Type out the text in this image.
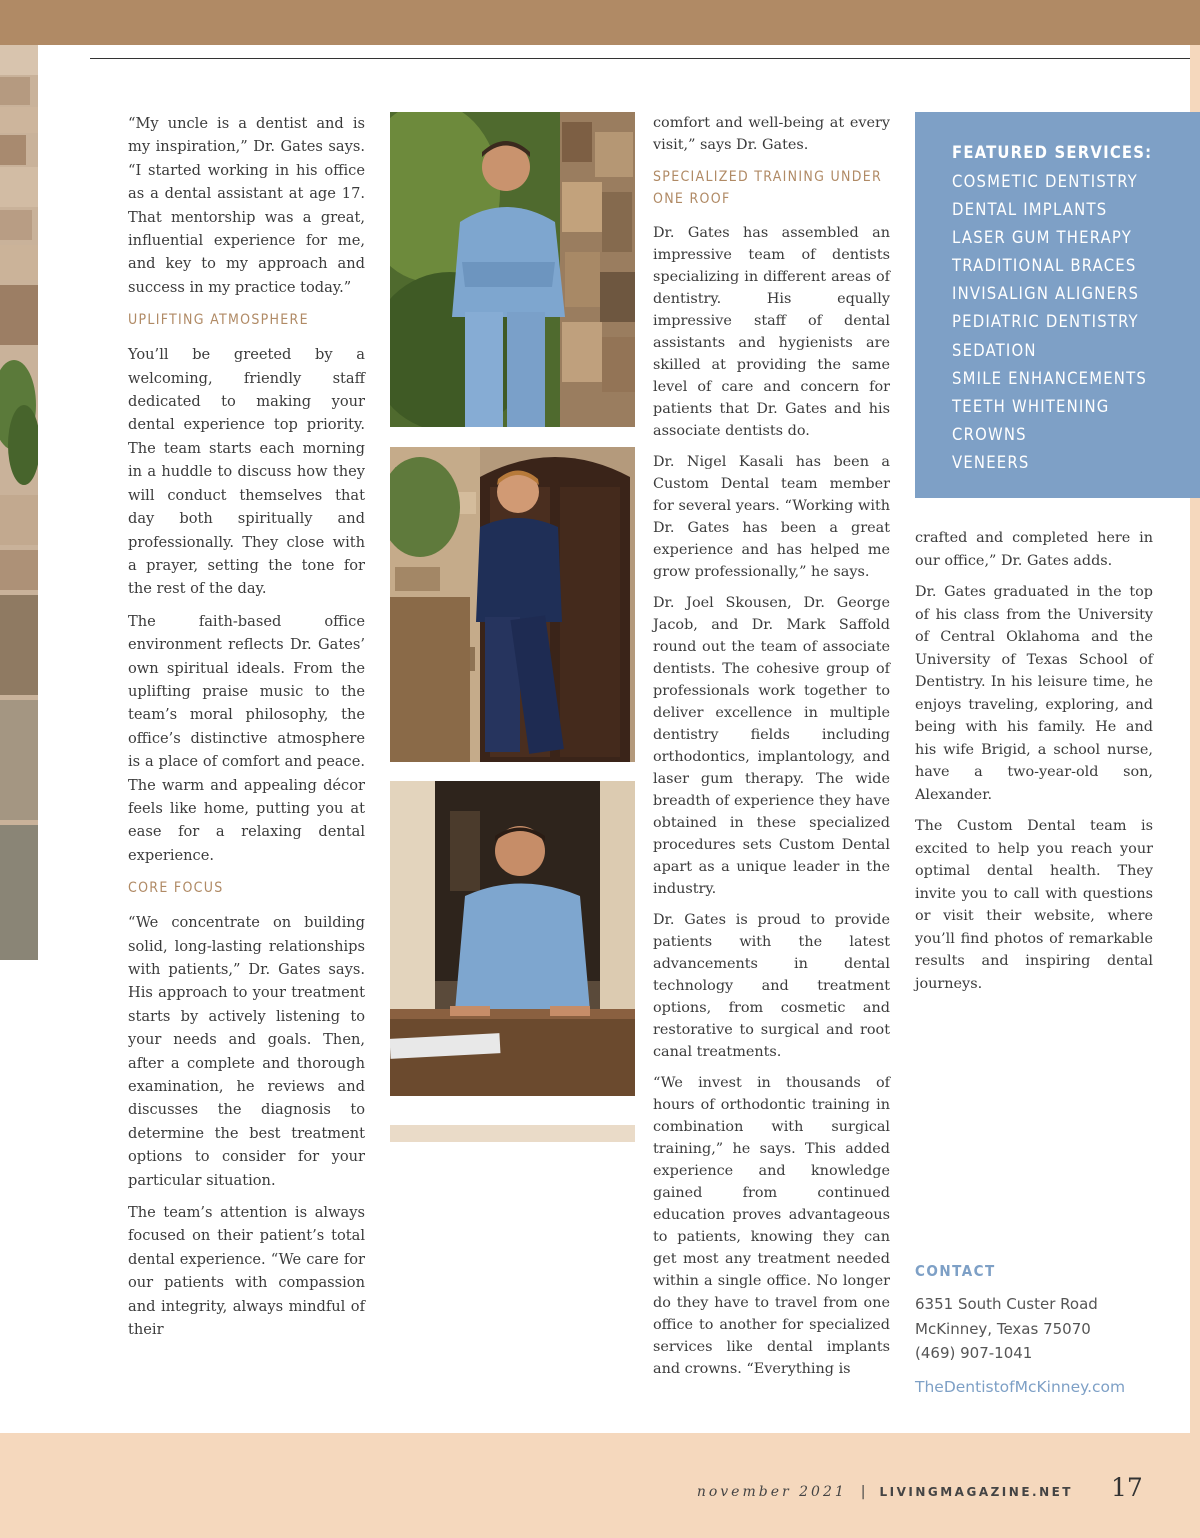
“My uncle is a dentist and is my inspiration,” Dr. Gates says. “I started working in his office as a dental assistant at age 17. That mentorship was a great, influential experience for me, and key to my approach and success in my practice today.”

UPLIFTING ATMOSPHERE

You’ll be greeted by a welcoming, friendly staff dedicated to making your dental experience top priority. The team starts each morning in a huddle to discuss how they will conduct themselves that day both spiritually and professionally. They close with a prayer, setting the tone for the rest of the day.

The faith-based office environment reflects Dr. Gates’ own spiritual ideals. From the uplifting praise music to the team’s moral philosophy, the office’s distinctive atmosphere is a place of comfort and peace. The warm and appealing décor feels like home, putting you at ease for a relaxing dental experience.

CORE FOCUS

“We concentrate on building solid, long-lasting relationships with patients,” Dr. Gates says. His approach to your treatment starts by actively listening to your needs and goals. Then, after a complete and thorough examination, he reviews and discusses the diagnosis to determine the best treatment options to consider for your particular situation.

The team’s attention is always focused on their patient’s total dental experience. “We care for our patients with compassion and integrity, always mindful of their

comfort and well-being at every visit,” says Dr. Gates.

SPECIALIZED TRAINING UNDER ONE ROOF

Dr. Gates has assembled an impressive team of dentists specializing in different areas of dentistry. His equally impressive staff of dental assistants and hygienists are skilled at providing the same level of care and concern for patients that Dr. Gates and his associate dentists do.

Dr. Nigel Kasali has been a Custom Dental team member for several years. “Working with Dr. Gates has been a great experience and has helped me grow professionally,” he says.

Dr. Joel Skousen, Dr. George Jacob, and Dr. Mark Saffold round out the team of associate dentists. The cohesive group of professionals work together to deliver excellence in multiple dentistry fields including orthodontics, implantology, and laser gum therapy. The wide breadth of experience they have obtained in these specialized procedures sets Custom Dental apart as a unique leader in the industry.

Dr. Gates is proud to provide patients with the latest advancements in dental technology and treatment options, from cosmetic and restorative to surgical and root canal treatments.

“We invest in thousands of hours of orthodontic training in combination with surgical training,” he says. This added experience and knowledge gained from continued education proves advantageous to patients, knowing they can get most any treatment needed within a single office. No longer do they have to travel from one office to another for specialized services like dental implants and crowns. “Everything is

FEATURED SERVICES:
COSMETIC DENTISTRY
DENTAL IMPLANTS
LASER GUM THERAPY
TRADITIONAL BRACES
INVISALIGN ALIGNERS
PEDIATRIC DENTISTRY
SEDATION
SMILE ENHANCEMENTS
TEETH WHITENING
CROWNS
VENEERS

crafted and completed here in our office,” Dr. Gates adds.

Dr. Gates graduated in the top of his class from the University of Central Oklahoma and the University of Texas School of Dentistry. In his leisure time, he enjoys traveling, exploring, and being with his family. He and his wife Brigid, a school nurse, have a two-year-old son, Alexander.

The Custom Dental team is excited to help you reach your optimal dental health. They invite you to call with questions or visit their website, where you’ll find photos of remarkable results and inspiring dental journeys.

CONTACT
6351 South Custer Road
McKinney, Texas 75070
(469) 907-1041
TheDentistofMcKinney.com
november 2021 | LIVINGMAGAZINE.NET 17
